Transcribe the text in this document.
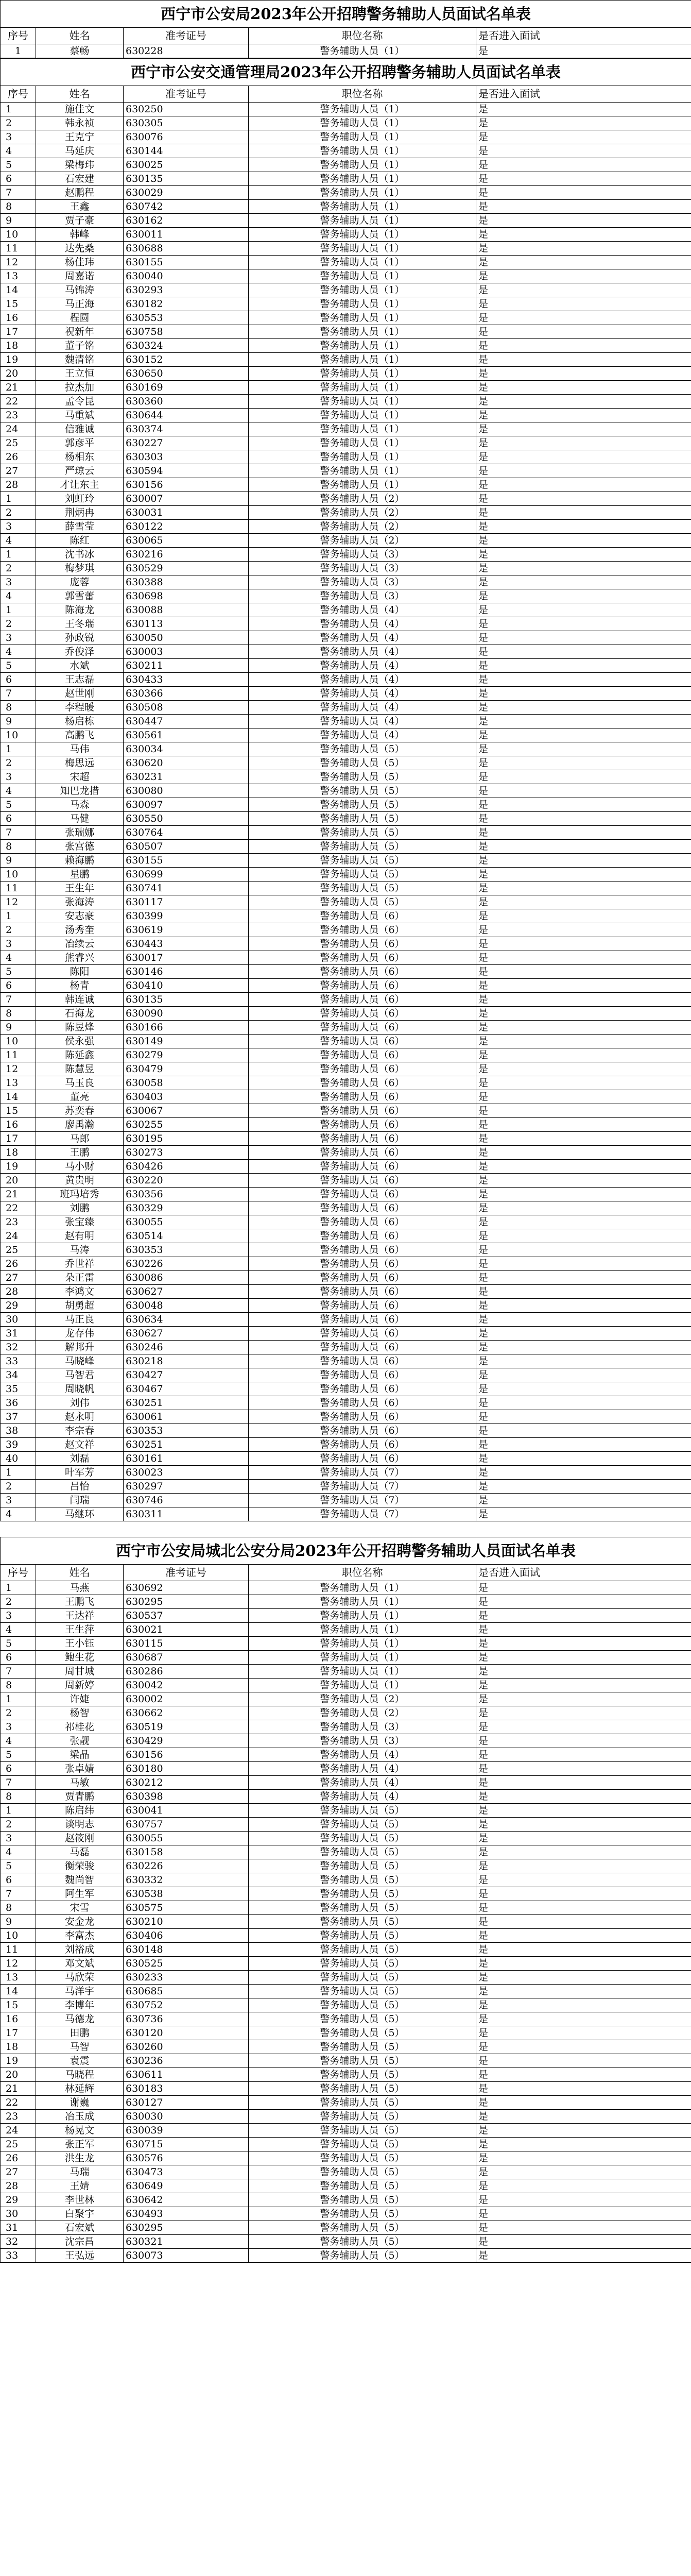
西宁市公安局2023年公开招聘警务辅助人员面试名单表				
序号	姓名	准考证号	职位名称	是否进入面试
1	蔡畅	630228	警务辅助人员（1）	是
西宁市公安交通管理局2023年公开招聘警务辅助人员面试名单表				
序号	姓名	准考证号	职位名称	是否进入面试
1	施佳文	630250	警务辅助人员（1）	是
2	韩永祯	630305	警务辅助人员（1）	是
3	王克宁	630076	警务辅助人员（1）	是
4	马延庆	630144	警务辅助人员（1）	是
5	梁梅玮	630025	警务辅助人员（1）	是
6	石宏建	630135	警务辅助人员（1）	是
7	赵鹏程	630029	警务辅助人员（1）	是
8	王鑫	630742	警务辅助人员（1）	是
9	贾子豪	630162	警务辅助人员（1）	是
10	韩峰	630011	警务辅助人员（1）	是
11	达先桑	630688	警务辅助人员（1）	是
12	杨佳玮	630155	警务辅助人员（1）	是
13	周嘉诺	630040	警务辅助人员（1）	是
14	马锦涛	630293	警务辅助人员（1）	是
15	马正海	630182	警务辅助人员（1）	是
16	程圆	630553	警务辅助人员（1）	是
17	祝新年	630758	警务辅助人员（1）	是
18	董子铭	630324	警务辅助人员（1）	是
19	魏清铭	630152	警务辅助人员（1）	是
20	王立恒	630650	警务辅助人员（1）	是
21	拉杰加	630169	警务辅助人员（1）	是
22	孟令昆	630360	警务辅助人员（1）	是
23	马重斌	630644	警务辅助人员（1）	是
24	信雅诚	630374	警务辅助人员（1）	是
25	郭彦平	630227	警务辅助人员（1）	是
26	杨相东	630303	警务辅助人员（1）	是
27	严琼云	630594	警务辅助人员（1）	是
28	才让东主	630156	警务辅助人员（1）	是
1	刘虹玲	630007	警务辅助人员（2）	是
2	荆炳冉	630031	警务辅助人员（2）	是
3	薛雪莹	630122	警务辅助人员（2）	是
4	陈红	630065	警务辅助人员（2）	是
1	沈书冰	630216	警务辅助人员（3）	是
2	梅梦琪	630529	警务辅助人员（3）	是
3	庞蓉	630388	警务辅助人员（3）	是
4	郭雪蕾	630698	警务辅助人员（3）	是
1	陈海龙	630088	警务辅助人员（4）	是
2	王冬瑞	630113	警务辅助人员（4）	是
3	孙政锐	630050	警务辅助人员（4）	是
4	乔俊泽	630003	警务辅助人员（4）	是
5	水斌	630211	警务辅助人员（4）	是
6	王志磊	630433	警务辅助人员（4）	是
7	赵世刚	630366	警务辅助人员（4）	是
8	李程暖	630508	警务辅助人员（4）	是
9	杨启栋	630447	警务辅助人员（4）	是
10	高鹏飞	630561	警务辅助人员（4）	是
1	马伟	630034	警务辅助人员（5）	是
2	梅思远	630620	警务辅助人员（5）	是
3	宋超	630231	警务辅助人员（5）	是
4	知巴龙措	630080	警务辅助人员（5）	是
5	马森	630097	警务辅助人员（5）	是
6	马健	630550	警务辅助人员（5）	是
7	张瑞娜	630764	警务辅助人员（5）	是
8	张宫德	630507	警务辅助人员（5）	是
9	赖海鹏	630155	警务辅助人员（5）	是
10	星鹏	630699	警务辅助人员（5）	是
11	王生年	630741	警务辅助人员（5）	是
12	张海涛	630117	警务辅助人员（5）	是
1	安志豪	630399	警务辅助人员（6）	是
2	汤秀奎	630619	警务辅助人员（6）	是
3	冶续云	630443	警务辅助人员（6）	是
4	熊睿兴	630017	警务辅助人员（6）	是
5	陈阳	630146	警务辅助人员（6）	是
6	杨青	630410	警务辅助人员（6）	是
7	韩连诚	630135	警务辅助人员（6）	是
8	石海龙	630090	警务辅助人员（6）	是
9	陈昱烽	630166	警务辅助人员（6）	是
10	侯永强	630149	警务辅助人员（6）	是
11	陈延鑫	630279	警务辅助人员（6）	是
12	陈慧昱	630479	警务辅助人员（6）	是
13	马玉良	630058	警务辅助人员（6）	是
14	董亮	630403	警务辅助人员（6）	是
15	苏奕春	630067	警务辅助人员（6）	是
16	廖禹瀚	630255	警务辅助人员（6）	是
17	马郎	630195	警务辅助人员（6）	是
18	王鹏	630273	警务辅助人员（6）	是
19	马小财	630426	警务辅助人员（6）	是
20	黄贵明	630220	警务辅助人员（6）	是
21	班玛培秀	630356	警务辅助人员（6）	是
22	刘鹏	630329	警务辅助人员（6）	是
23	张宝臻	630055	警务辅助人员（6）	是
24	赵有明	630514	警务辅助人员（6）	是
25	马涛	630353	警务辅助人员（6）	是
26	乔世祥	630226	警务辅助人员（6）	是
27	朵正雷	630086	警务辅助人员（6）	是
28	李鸿文	630627	警务辅助人员（6）	是
29	胡勇超	630048	警务辅助人员（6）	是
30	马正良	630634	警务辅助人员（6）	是
31	龙存伟	630627	警务辅助人员（6）	是
32	解邦升	630246	警务辅助人员（6）	是
33	马晓峰	630218	警务辅助人员（6）	是
34	马智君	630427	警务辅助人员（6）	是
35	周晓帆	630467	警务辅助人员（6）	是
36	刘伟	630251	警务辅助人员（6）	是
37	赵永明	630061	警务辅助人员（6）	是
38	李宗春	630353	警务辅助人员（6）	是
39	赵文祥	630251	警务辅助人员（6）	是
40	刘磊	630161	警务辅助人员（6）	是
1	叶军芳	630023	警务辅助人员（7）	是
2	吕怡	630297	警务辅助人员（7）	是
3	闫瑞	630746	警务辅助人员（7）	是
4	马继环	630311	警务辅助人员（7）	是
西宁市公安局城北公安分局2023年公开招聘警务辅助人员面试名单表				
序号	姓名	准考证号	职位名称	是否进入面试
1	马燕	630692	警务辅助人员（1）	是
2	王鹏飞	630295	警务辅助人员（1）	是
3	王达祥	630537	警务辅助人员（1）	是
4	王生萍	630021	警务辅助人员（1）	是
5	王小钰	630115	警务辅助人员（1）	是
6	鲍生花	630687	警务辅助人员（1）	是
7	周甘城	630286	警务辅助人员（1）	是
8	周新婷	630042	警务辅助人员（1）	是
1	许婕	630002	警务辅助人员（2）	是
2	杨智	630662	警务辅助人员（2）	是
3	祁桂花	630519	警务辅助人员（3）	是
4	张靓	630429	警务辅助人员（3）	是
5	梁晶	630156	警务辅助人员（4）	是
6	张卓婧	630180	警务辅助人员（4）	是
7	马敏	630212	警务辅助人员（4）	是
8	贾青鹏	630398	警务辅助人员（4）	是
1	陈启纬	630041	警务辅助人员（5）	是
2	谈明志	630757	警务辅助人员（5）	是
3	赵筱刚	630055	警务辅助人员（5）	是
4	马磊	630158	警务辅助人员（5）	是
5	衡荣骏	630226	警务辅助人员（5）	是
6	魏尚智	630332	警务辅助人员（5）	是
7	阿生军	630538	警务辅助人员（5）	是
8	宋雪	630575	警务辅助人员（5）	是
9	安金龙	630210	警务辅助人员（5）	是
10	李富杰	630406	警务辅助人员（5）	是
11	刘裕成	630148	警务辅助人员（5）	是
12	邓文斌	630525	警务辅助人员（5）	是
13	马欣荣	630233	警务辅助人员（5）	是
14	马洋宇	630685	警务辅助人员（5）	是
15	李博年	630752	警务辅助人员（5）	是
16	马德龙	630736	警务辅助人员（5）	是
17	田鹏	630120	警务辅助人员（5）	是
18	马智	630260	警务辅助人员（5）	是
19	袁震	630236	警务辅助人员（5）	是
20	马晓程	630611	警务辅助人员（5）	是
21	林延辉	630183	警务辅助人员（5）	是
22	谢巍	630127	警务辅助人员（5）	是
23	冶玉成	630030	警务辅助人员（5）	是
24	杨晃文	630039	警务辅助人员（5）	是
25	张正军	630715	警务辅助人员（5）	是
26	洪生龙	630576	警务辅助人员（5）	是
27	马瑞	630473	警务辅助人员（5）	是
28	王婧	630649	警务辅助人员（5）	是
29	李世林	630642	警务辅助人员（5）	是
30	白聚宇	630493	警务辅助人员（5）	是
31	石宏斌	630295	警务辅助人员（5）	是
32	沈宗昌	630321	警务辅助人员（5）	是
33	王弘远	630073	警务辅助人员（5）	是
